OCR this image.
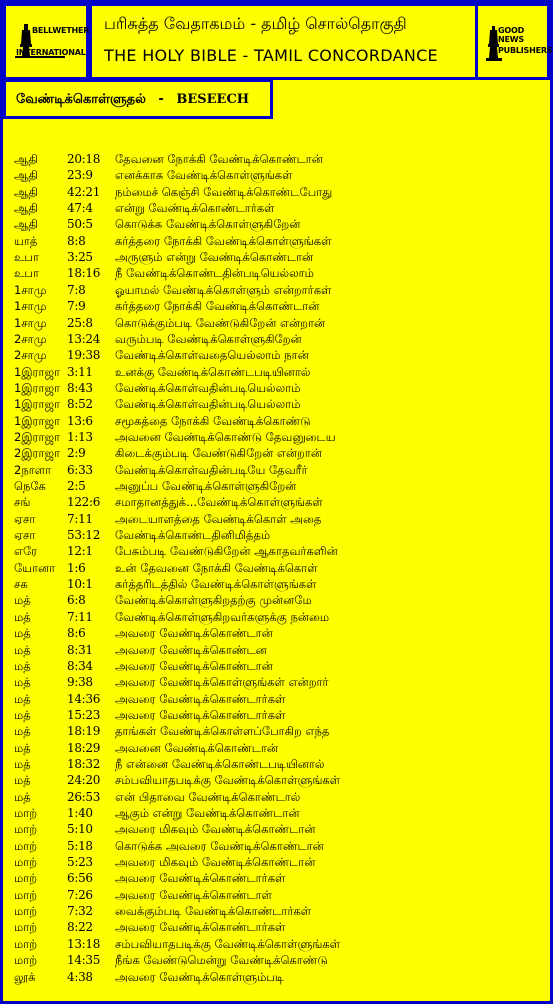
BELLWETHER
INTERNATIONAL
பரிசுத்த வேதாகமம் - தமிழ் சொல்தொகுதி
THE HOLY BIBLE - TAMIL CONCORDANCE
GOOD NEWS
PUBLISHERS
வேண்டிக்கொள்ளுதல் - BESEECH
ஆதி 20:18 தேவனை நோக்கி வேண்டிக்கொண்டான்
ஆதி 23:9 எனக்காக வேண்டிக்கொள்ளுங்கள்
ஆதி 42:21 நம்மைச் கெஞ்சி வேண்டிக்கொண்டபோது
ஆதி 47:4 என்று வேண்டிக்கொண்டார்கள்
ஆதி 50:5 கொடுக்க வேண்டிக்கொள்ளுகிறேன்
யாத் 8:8	கர்த்தரை நோக்கி வேண்டிக்கொள்ளுங்கள்
உபா 3:25 அருளும் என்று வேண்டிக்கொண்டான்
உபா 18:16 நீ வேண்டிக்கொண்டதின்படியெல்லாம்
1சாமு 7:8	ஓயாமல் வேண்டிக்கொள்ளும் என்றார்கள்
1சாமு 7:9	கர்த்தரை நோக்கி வேண்டிக்கொண்டான்
1சாமு 25:8 கொடுக்கும்படி வேண்டுகிறேன் என்றான்
2சாமு 13:24 வரும்படி வேண்டிக்கொள்ளுகிறேன்
2சாமு 19:38 வேண்டிக்கொள்வதையெல்லாம் நான்
1இராஜா 3:11 உனக்கு வேண்டிக்கொண்டபடியினால்
1இராஜா 8:43 வேண்டிக்கொள்வதின்படியெல்லாம்
1இராஜா 8:52 வேண்டிக்கொள்வதின்படியெல்லாம்
1இராஜா 13:6 சமூகத்தை நோக்கி வேண்டிக்கொண்டு
2இராஜா 1:13 அவனை வேண்டிக்கொண்டு தேவனுடைய
2இராஜா 2:9	கிடைக்கும்படி வேண்டுகிறேன் என்றான்
2நாளா 6:33 வேண்டிக்கொள்வதின்படியே தேவரீர்
நெகே 2:5	அனுப்ப வேண்டிக்கொள்ளுகிறேன்
சங்	122:6 சமாதானத்துக்...வேண்டிக்கொள்ளுங்கள்
ஏசா	7:11 அடையாளத்தை வேண்டிக்கொள் அதை
ஏசா	53:12 வேண்டிக்கொண்டதினிமித்தம்
எரே 12:1 பேசும்படி வேண்டுகிறேன் ஆகாதவர்களின்
யோனா 1:6	உன் தேவனை நோக்கி வேண்டிக்கொள்
சக	10:1 கர்த்தரிடத்தில் வேண்டிக்கொள்ளுங்கள்
மத்	6:8	வேண்டிக்கொள்ளுகிறதற்கு முன்னமே
மத்	7:11 வேண்டிக்கொள்ளுகிறவர்களுக்கு நன்மை
மத்	8:6	அவரை வேண்டிக்கொண்டான்
மத்	8:31 அவரை வேண்டிக்கொண்டன
மத்	8:34 அவரை வேண்டிக்கொண்டான்
மத்	9:38 அவரை வேண்டிக்கொள்ளுங்கள் என்றார்
மத்	14:36 அவரை வேண்டிக்கொண்டார்கள்
மத்	15:23 அவரை வேண்டிக்கொண்டார்கள்
மத்	18:19 தாங்கள் வேண்டிக்கொள்ளப்போகிற எந்த
மத்	18:29 அவனை வேண்டிக்கொண்டான்
மத்	18:32 நீ என்னை வேண்டிக்கொண்டபடியினால்
மத்	24:20 சம்பவியாதபடிக்கு வேண்டிக்கொள்ளுங்கள்
மத்	26:53 என் பிதாவை வேண்டிக்கொண்டால்
மாற் 1:40 ஆகும் என்று வேண்டிக்கொண்டான்
மாற் 5:10 அவரை மிகவும் வேண்டிக்கொண்டான்
மாற் 5:18 கொடுக்க அவரை வேண்டிக்கொண்டான்
மாற் 5:23 அவரை மிகவும் வேண்டிக்கொண்டான்
மாற் 6:56 அவரை வேண்டிக்கொண்டார்கள்
மாற் 7:26 அவரை வேண்டிக்கொண்டாள்
மாற் 7:32 வைக்கும்படி வேண்டிக்கொண்டார்கள்
மாற் 8:22 அவரை வேண்டிக்கொண்டார்கள்
மாற் 13:18 சம்பவியாதபடிக்கு வேண்டிக்கொள்ளுங்கள்
மாற் 14:35 நீங்க வேண்டுமென்று வேண்டிக்கொண்டு
லூக்	4:38 அவரை வேண்டிக்கொள்ளும்படி
